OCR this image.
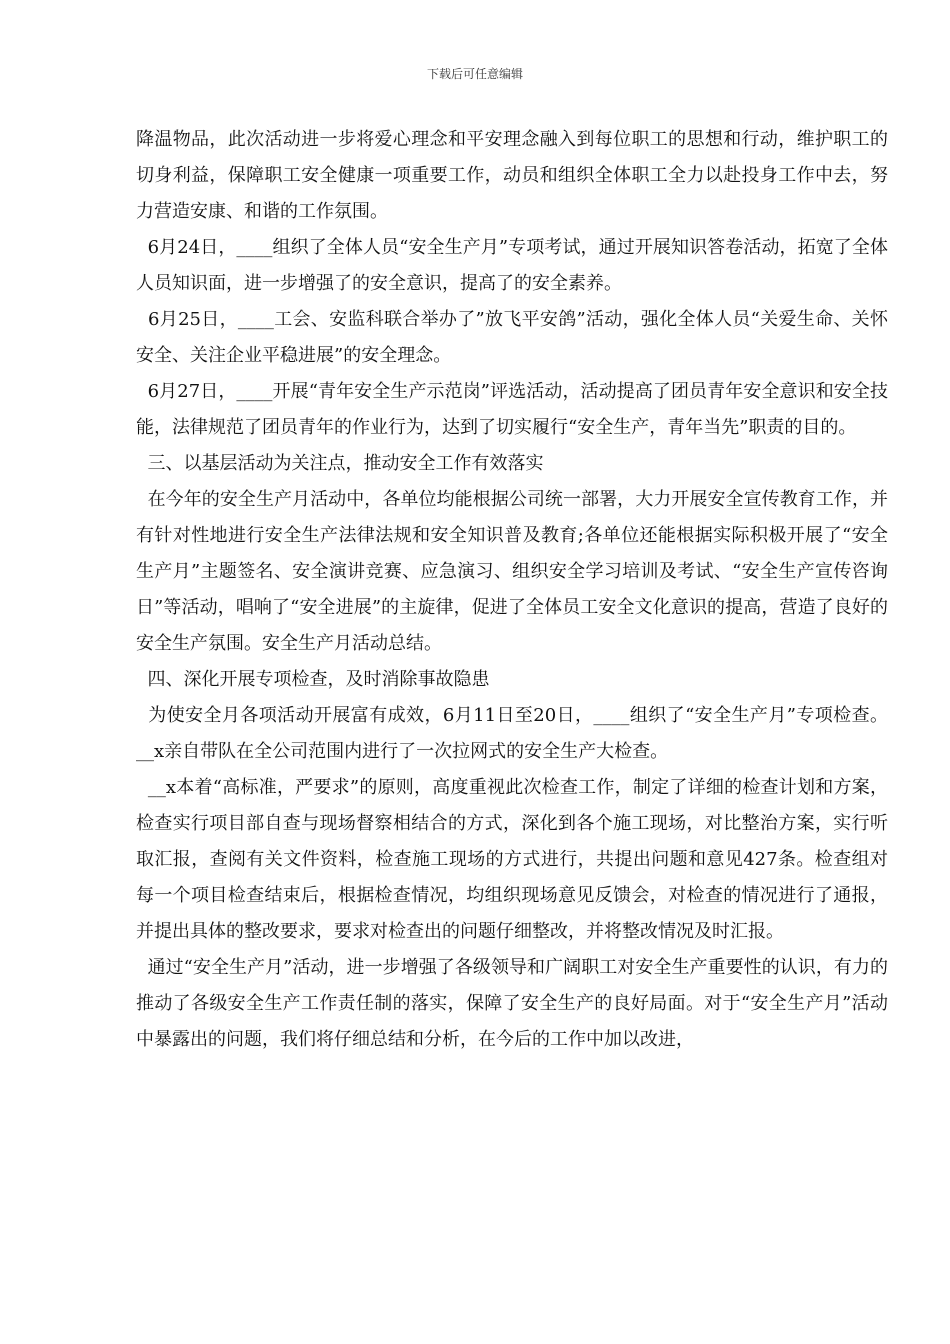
下载后可任意编辑

降温物品，此次活动进一步将爱心理念和平安理念融入到每位职工的思想和行动，维护职工的切身利益，保障职工安全健康一项重要工作，动员和组织全体职工全力以赴投身工作中去，努力营造安康、和谐的工作氛围。

6月24日，____组织了全体人员“安全生产月”专项考试，通过开展知识答卷活动，拓宽了全体人员知识面，进一步增强了的安全意识，提高了的安全素养。

6月25日，____工会、安监科联合举办了”放飞平安鸽”活动，强化全体人员“关爱生命、关怀安全、关注企业平稳进展”的安全理念。

6月27日，____开展“青年安全生产示范岗”评选活动，活动提高了团员青年安全意识和安全技能，法律规范了团员青年的作业行为，达到了切实履行“安全生产，青年当先”职责的目的。

三、以基层活动为关注点，推动安全工作有效落实

在今年的安全生产月活动中，各单位均能根据公司统一部署，大力开展安全宣传教育工作，并有针对性地进行安全生产法律法规和安全知识普及教育;各单位还能根据实际积极开展了“安全生产月”主题签名、安全演讲竞赛、应急演习、组织安全学习培训及考试、“安全生产宣传咨询日”等活动，唱响了“安全进展”的主旋律，促进了全体员工安全文化意识的提高，营造了良好的安全生产氛围。安全生产月活动总结。

四、深化开展专项检查，及时消除事故隐患

为使安全月各项活动开展富有成效，6月11日至20日，____组织了“安全生产月”专项检查。__x亲自带队在全公司范围内进行了一次拉网式的安全生产大检查。

__x本着“高标准，严要求”的原则，高度重视此次检查工作，制定了详细的检查计划和方案，检查实行项目部自查与现场督察相结合的方式，深化到各个施工现场，对比整治方案，实行听取汇报，查阅有关文件资料，检查施工现场的方式进行，共提出问题和意见427条。检查组对每一个项目检查结束后，根据检查情况，均组织现场意见反馈会，对检查的情况进行了通报，并提出具体的整改要求，要求对检查出的问题仔细整改，并将整改情况及时汇报。

通过“安全生产月”活动，进一步增强了各级领导和广阔职工对安全生产重要性的认识，有力的推动了各级安全生产工作责任制的落实，保障了安全生产的良好局面。对于“安全生产月”活动中暴露出的问题，我们将仔细总结和分析，在今后的工作中加以改进，
